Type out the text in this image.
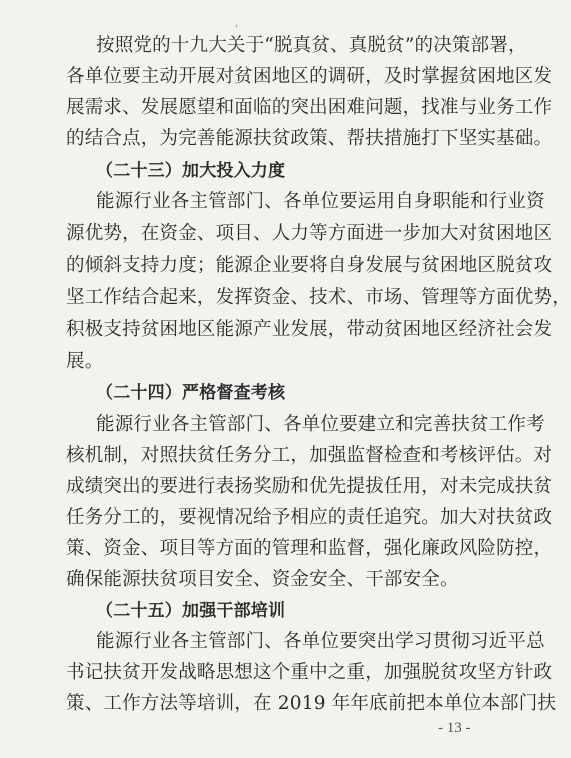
，
按照党的十九大关于“脱真贫、真脱贫”的决策部署，
各单位要主动开展对贫困地区的调研，及时掌握贫困地区发
展需求、发展愿望和面临的突出困难问题，找准与业务工作
的结合点，为完善能源扶贫政策、帮扶措施打下坚实基础。
（二十三）加大投入力度
能源行业各主管部门、各单位要运用自身职能和行业资
源优势，在资金、项目、人力等方面进一步加大对贫困地区
的倾斜支持力度；能源企业要将自身发展与贫困地区脱贫攻
坚工作结合起来，发挥资金、技术、市场、管理等方面优势，
积极支持贫困地区能源产业发展，带动贫困地区经济社会发
展。
（二十四）严格督查考核
能源行业各主管部门、各单位要建立和完善扶贫工作考
核机制，对照扶贫任务分工，加强监督检查和考核评估。对
成绩突出的要进行表扬奖励和优先提拔任用，对未完成扶贫
任务分工的，要视情况给予相应的责任追究。加大对扶贫政
策、资金、项目等方面的管理和监督，强化廉政风险防控，
确保能源扶贫项目安全、资金安全、干部安全。
（二十五）加强干部培训
能源行业各主管部门、各单位要突出学习贯彻习近平总
书记扶贫开发战略思想这个重中之重，加强脱贫攻坚方针政
策、工作方法等培训，在 2019 年年底前把本单位本部门扶
- 13 -
